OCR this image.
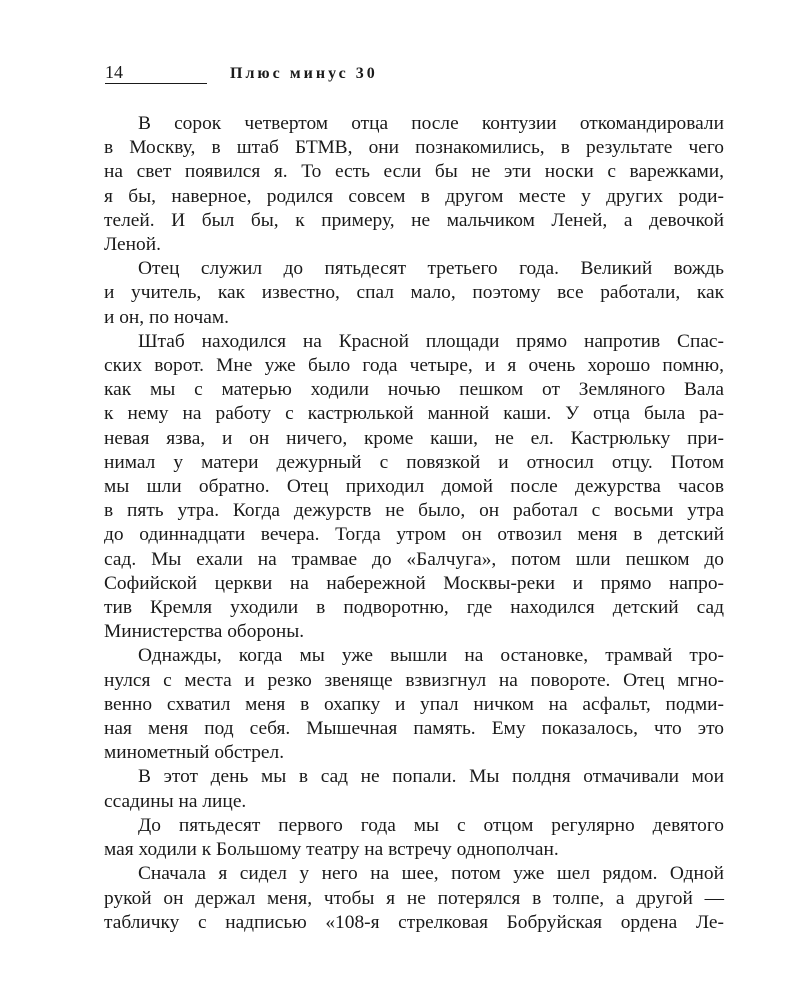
14	Плюс минус 30

В сорок четвертом отца после контузии откомандировали
в Москву, в штаб БТМВ, они познакомились, в результате чего
на свет появился я. То есть если бы не эти носки с варежками,
я бы, наверное, родился совсем в другом месте у других роди-
телей. И был бы, к примеру, не мальчиком Леней, а девочкой
Леной.

Отец служил до пятьдесят третьего года. Великий вождь
и учитель, как известно, спал мало, поэтому все работали, как
и он, по ночам.

Штаб находился на Красной площади прямо напротив Спас-
ских ворот. Мне уже было года четыре, и я очень хорошо помню,
как мы с матерью ходили ночью пешком от Земляного Вала
к нему на работу с кастрюлькой манной каши. У отца была ра-
невая язва, и он ничего, кроме каши, не ел. Кастрюльку при-
нимал у матери дежурный с повязкой и относил отцу. Потом
мы шли обратно. Отец приходил домой после дежурства часов
в пять утра. Когда дежурств не было, он работал с восьми утра
до одиннадцати вечера. Тогда утром он отвозил меня в детский
сад. Мы ехали на трамвае до «Балчуга», потом шли пешком до
Софийской церкви на набережной Москвы-реки и прямо напро-
тив Кремля уходили в подворотню, где находился детский сад
Министерства обороны.

Однажды, когда мы уже вышли на остановке, трамвай тро-
нулся с места и резко звеняще взвизгнул на повороте. Отец мгно-
венно схватил меня в охапку и упал ничком на асфальт, подми-
ная меня под себя. Мышечная память. Ему показалось, что это
минометный обстрел.

В этот день мы в сад не попали. Мы полдня отмачивали мои
ссадины на лице.

До пятьдесят первого года мы с отцом регулярно девятого
мая ходили к Большому театру на встречу однополчан.

Сначала я сидел у него на шее, потом уже шел рядом. Одной
рукой он держал меня, чтобы я не потерялся в толпе, а другой —
табличку с надписью «108-я стрелковая Бобруйская ордена Ле-
